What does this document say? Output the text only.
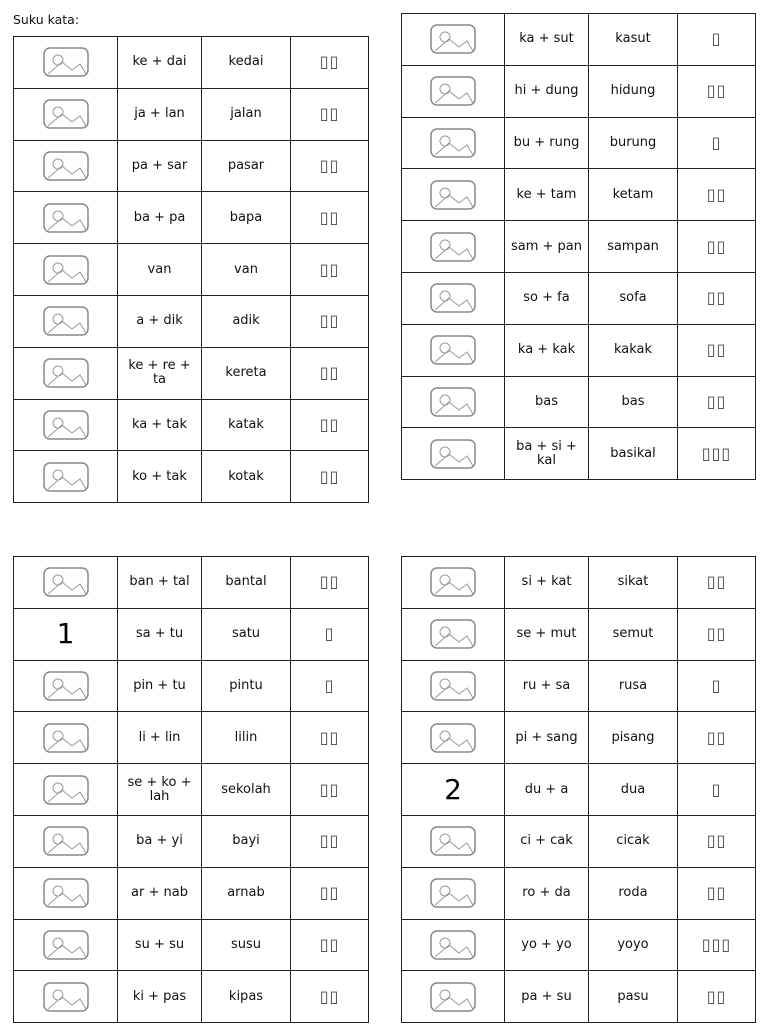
Suku kata:
	ke + dai	kedai	▯▯

	ja + lan	jalan	▯▯

	pa + sar	pasar	▯▯

	ba + pa	bapa	▯▯

	van	van	▯▯

	a + dik	adik	▯▯

	ke + re + ta	kereta	▯▯

	ka + tak	katak	▯▯

	ko + tak	kotak	▯▯
	ka + sut	kasut	▯

	hi + dung	hidung	▯▯

	bu + rung	burung	▯

	ke + tam	ketam	▯▯

	sam + pan	sampan	▯▯

	so + fa	sofa	▯▯

	ka + kak	kakak	▯▯

	bas	bas	▯▯

	ba + si + kal	basikal	▯▯▯
	ban + tal	bantal	▯▯
1	sa + tu	satu	▯

	pin + tu	pintu	▯

	li + lin	lilin	▯▯

	se + ko + lah	sekolah	▯▯

	ba + yi	bayi	▯▯

	ar + nab	arnab	▯▯

	su + su	susu	▯▯

	ki + pas	kipas	▯▯
	si + kat	sikat	▯▯

	se + mut	semut	▯▯

	ru + sa	rusa	▯

	pi + sang	pisang	▯▯
2	du + a	dua	▯

	ci + cak	cicak	▯▯

	ro + da	roda	▯▯

	yo + yo	yoyo	▯▯▯

	pa + su	pasu	▯▯
